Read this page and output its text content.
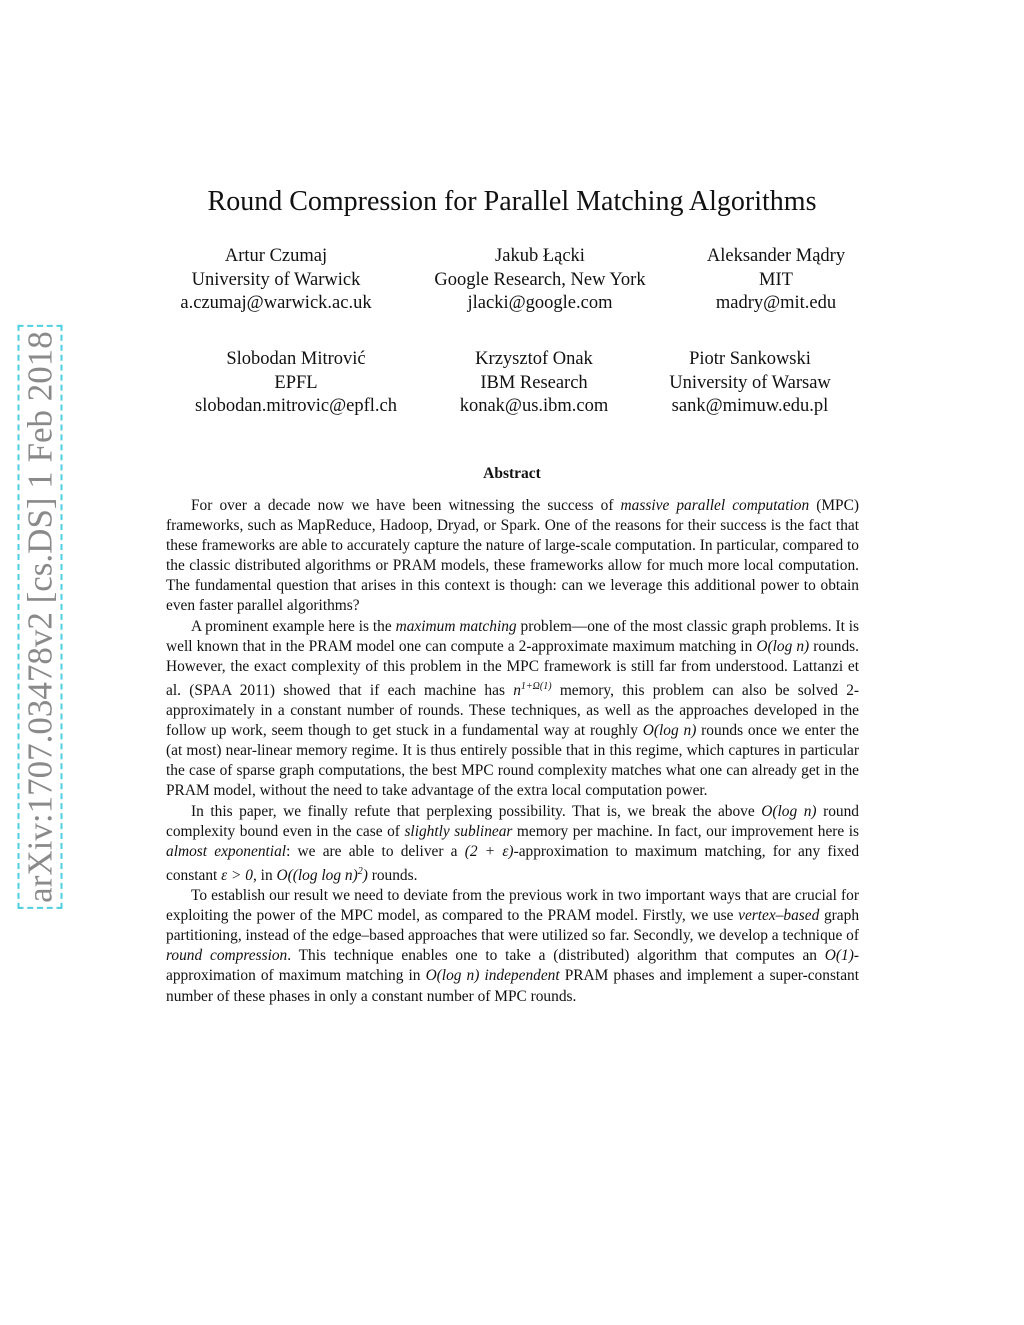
arXiv:1707.03478v2 [cs.DS] 1 Feb 2018
Round Compression for Parallel Matching Algorithms
Artur Czumaj
University of Warwick
a.czumaj@warwick.ac.uk
Jakub Łącki
Google Research, New York
jlacki@google.com
Aleksander Mądry
MIT
madry@mit.edu
Slobodan Mitrović
EPFL
slobodan.mitrovic@epfl.ch
Krzysztof Onak
IBM Research
konak@us.ibm.com
Piotr Sankowski
University of Warsaw
sank@mimuw.edu.pl
Abstract

For over a decade now we have been witnessing the success of massive parallel computation (MPC) frameworks, such as MapReduce, Hadoop, Dryad, or Spark. One of the reasons for their success is the fact that these frameworks are able to accurately capture the nature of large-scale computation. In particular, compared to the classic distributed algorithms or PRAM models, these frameworks allow for much more local computation. The fundamental question that arises in this context is though: can we leverage this additional power to obtain even faster parallel algorithms?

A prominent example here is the maximum matching problem—one of the most classic graph problems. It is well known that in the PRAM model one can compute a 2-approximate maximum matching in O(log n) rounds. However, the exact complexity of this problem in the MPC framework is still far from understood. Lattanzi et al. (SPAA 2011) showed that if each machine has $n^{1+\Omega(1)}$ memory, this problem can also be solved 2-approximately in a constant number of rounds. These techniques, as well as the approaches developed in the follow up work, seem though to get stuck in a fundamental way at roughly O(log n) rounds once we enter the (at most) near-linear memory regime. It is thus entirely possible that in this regime, which captures in particular the case of sparse graph computations, the best MPC round complexity matches what one can already get in the PRAM model, without the need to take advantage of the extra local computation power.

In this paper, we finally refute that perplexing possibility. That is, we break the above O(log n) round complexity bound even in the case of slightly sublinear memory per machine. In fact, our improvement here is almost exponential: we are able to deliver a (2 + ε)-approximation to maximum matching, for any fixed constant ε > 0, in O((log log n)$^2$) rounds.

To establish our result we need to deviate from the previous work in two important ways that are crucial for exploiting the power of the MPC model, as compared to the PRAM model. Firstly, we use vertex–based graph partitioning, instead of the edge–based approaches that were utilized so far. Secondly, we develop a technique of round compression. This technique enables one to take a (distributed) algorithm that computes an O(1)-approximation of maximum matching in O(log n) independent PRAM phases and implement a super-constant number of these phases in only a constant number of MPC rounds.
